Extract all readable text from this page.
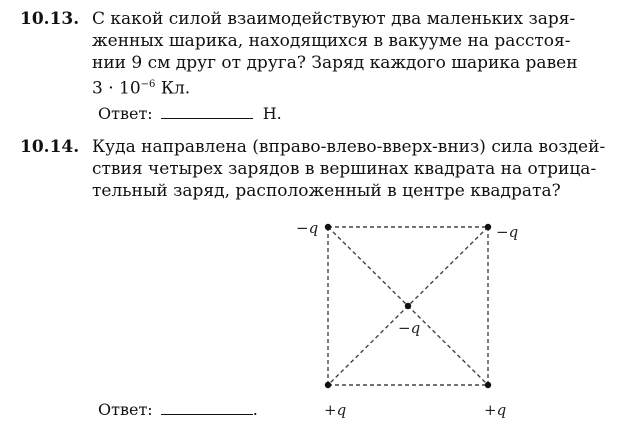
10.13. С какой силой взаимодействуют два маленьких заря-
женных шарика, находящихся в вакууме на расстоя-
нии 9 см друг от друга? Заряд каждого шарика равен
$3 \cdot 10^{-6}$ Кл.
Ответ:	Н.
10.14. Куда направлена (вправо-влево-вверх-вниз) сила воздей-
ствия четырех зарядов в вершинах квадрата на отрица-
тельный заряд, расположенный в центре квадрата?
−q	−q
−q
+q	+q
Ответ:	.
